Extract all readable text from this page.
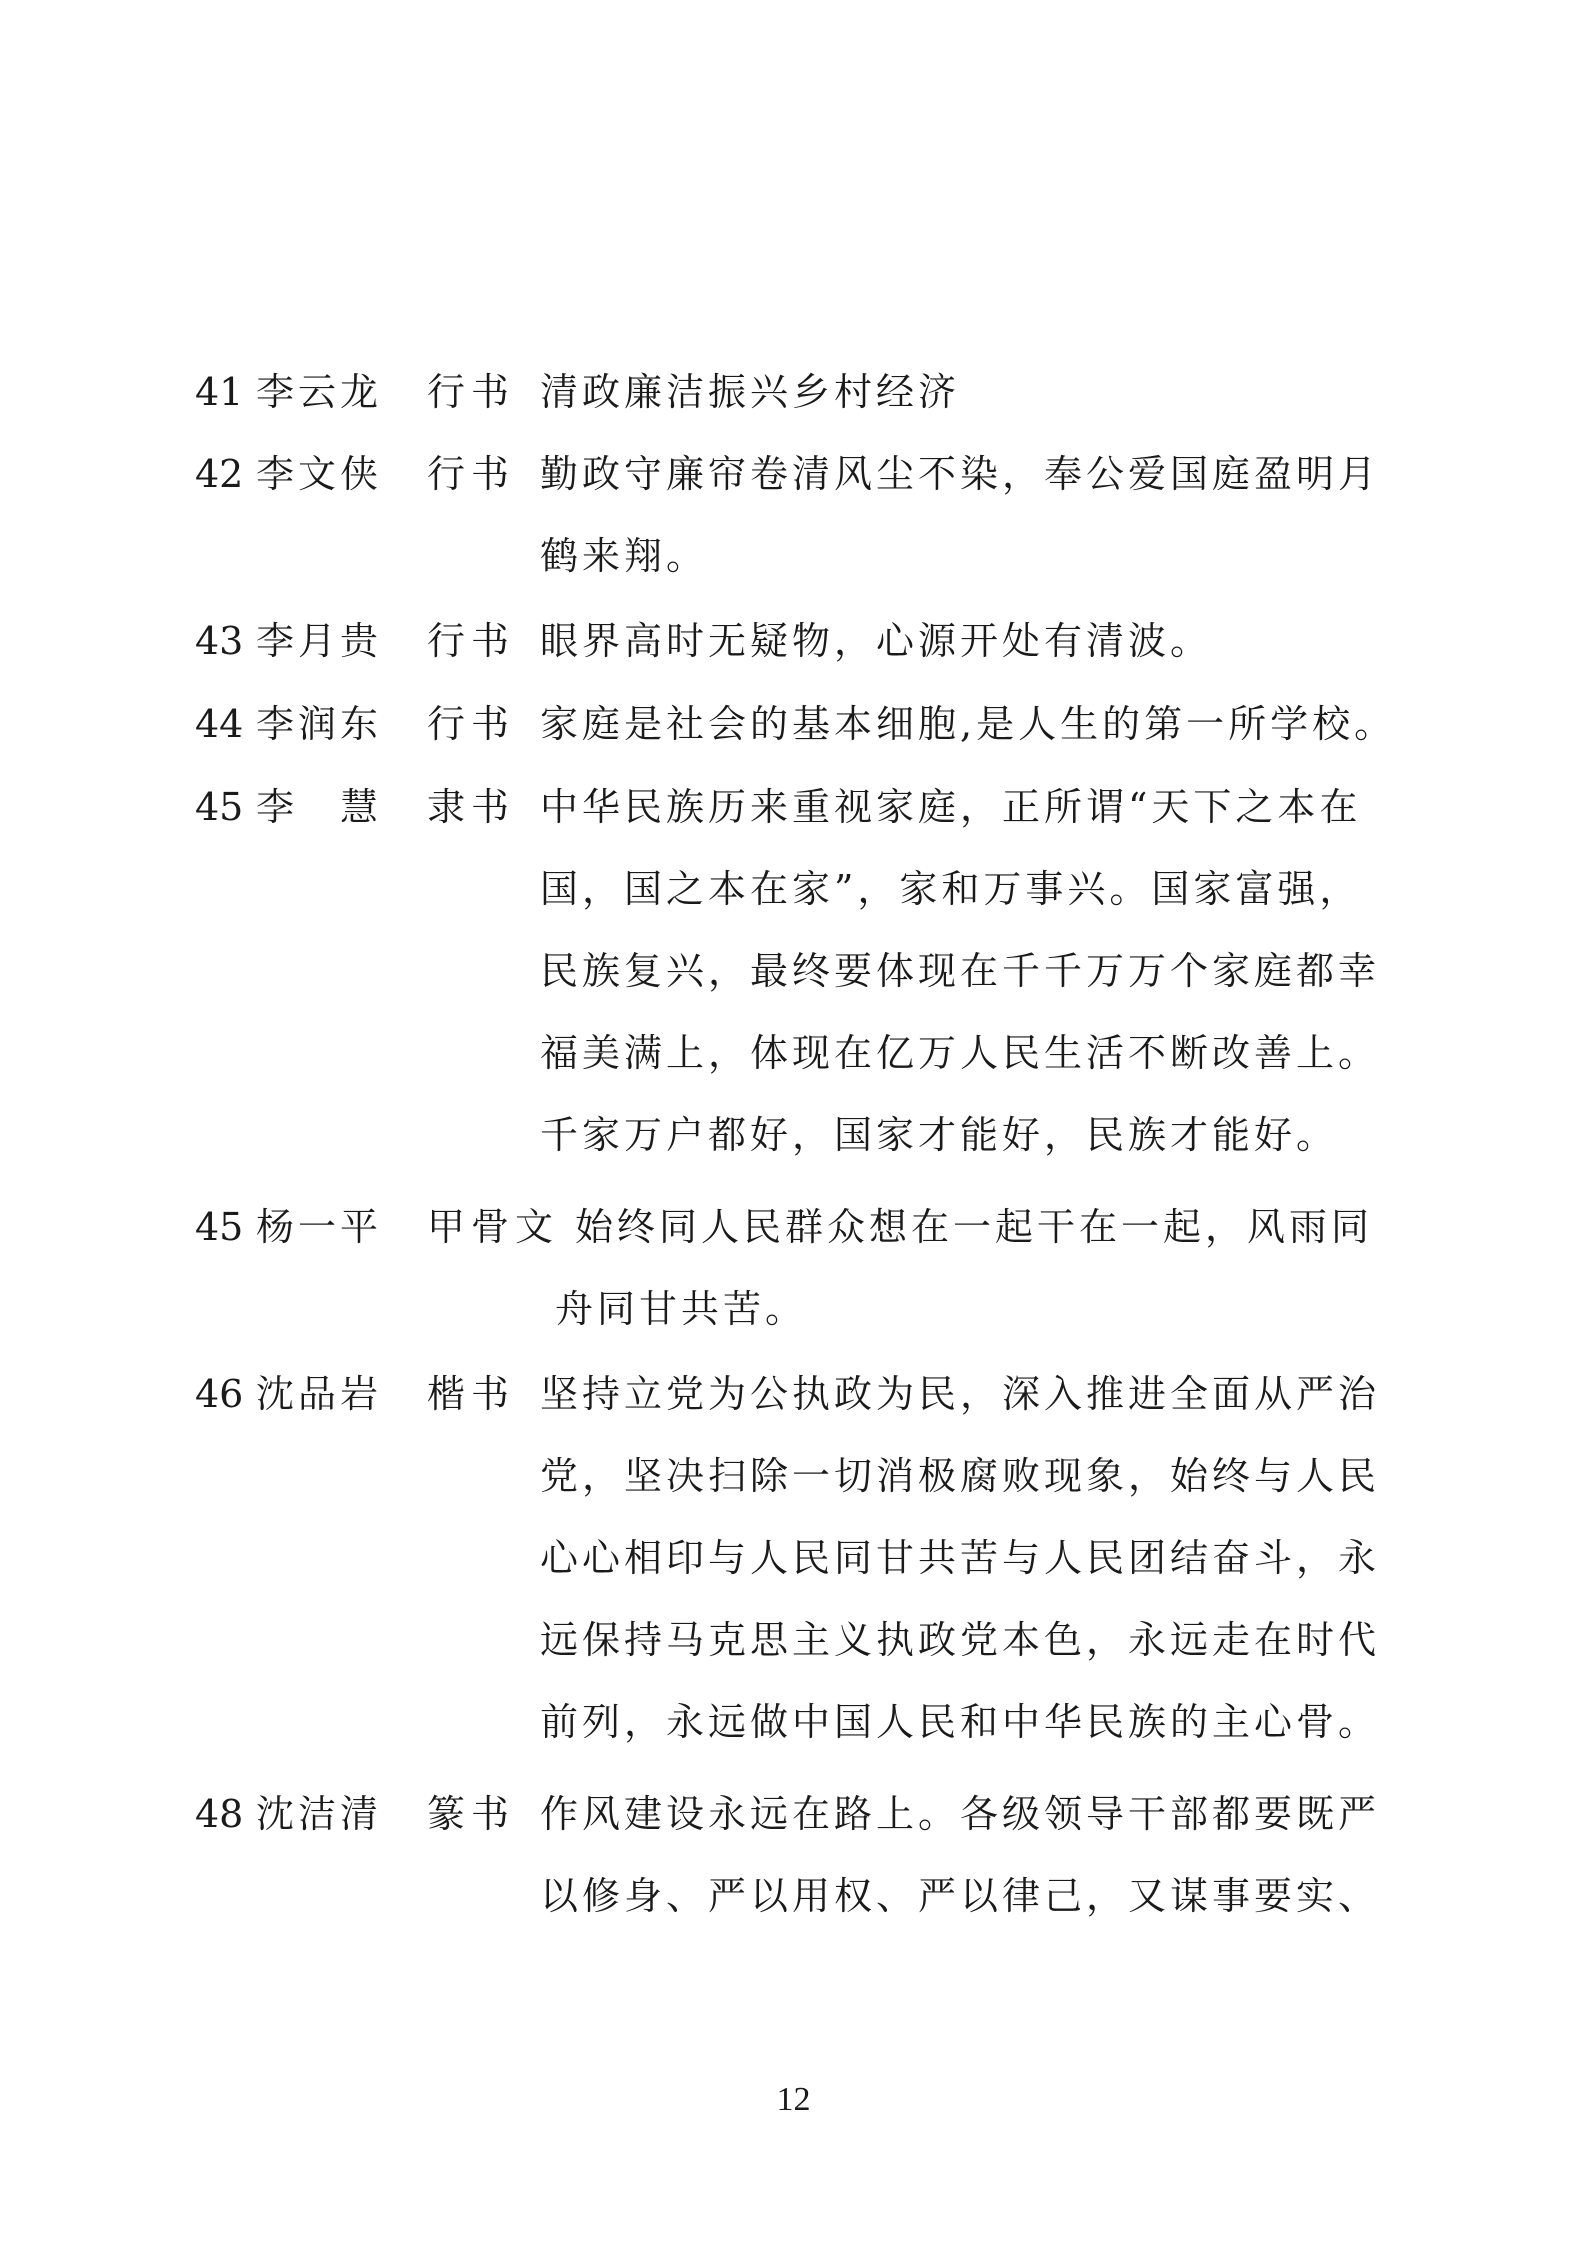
41 李云龙 行书 清政廉洁振兴乡村经济
42 李文侠 行书 勤政守廉帘卷清风尘不染，奉公爱国庭盈明月
鹤来翔。
43 李月贵 行书 眼界高时无疑物，心源开处有清波。
44 李润东 行书 家庭是社会的基本细胞,是人生的第一所学校。
45 李　慧 隶书 中华民族历来重视家庭，正所谓“天下之本在
国，国之本在家”，家和万事兴。国家富强，
民族复兴，最终要体现在千千万万个家庭都幸
福美满上，体现在亿万人民生活不断改善上。
千家万户都好，国家才能好，民族才能好。
45 杨一平 甲骨文 始终同人民群众想在一起干在一起，风雨同
舟同甘共苦。
46 沈品岩 楷书 坚持立党为公执政为民，深入推进全面从严治
党，坚决扫除一切消极腐败现象，始终与人民
心心相印与人民同甘共苦与人民团结奋斗，永
远保持马克思主义执政党本色，永远走在时代
前列，永远做中国人民和中华民族的主心骨。
48 沈洁清 篆书 作风建设永远在路上。各级领导干部都要既严
以修身、严以用权、严以律己，又谋事要实、
12
